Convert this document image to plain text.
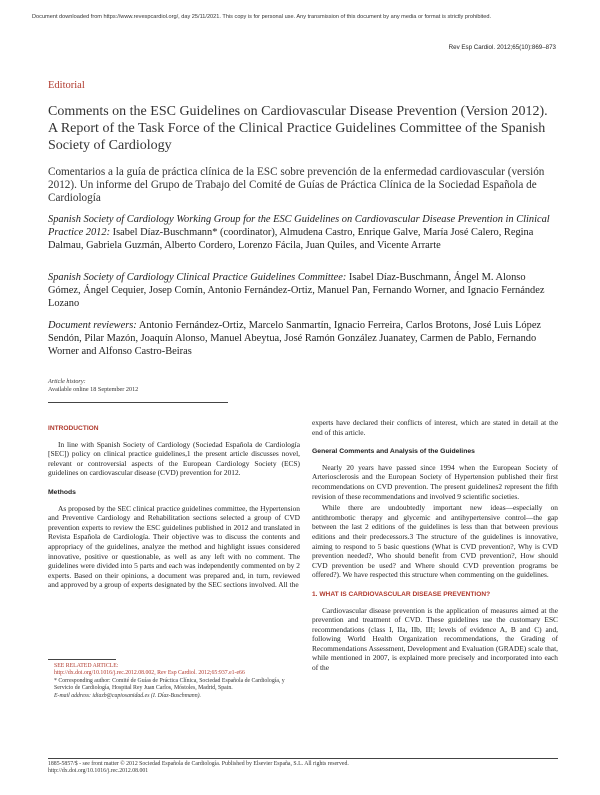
Document downloaded from https://www.revespcardiol.org/, day 25/11/2021. This copy is for personal use. Any transmission of this document by any media or format is strictly prohibited.
Rev Esp Cardiol. 2012;65(10):869–873
Editorial
Comments on the ESC Guidelines on Cardiovascular Disease Prevention (Version 2012). A Report of the Task Force of the Clinical Practice Guidelines Committee of the Spanish Society of Cardiology
Comentarios a la guía de práctica clínica de la ESC sobre prevención de la enfermedad cardiovascular (versión 2012). Un informe del Grupo de Trabajo del Comité de Guías de Práctica Clínica de la Sociedad Española de Cardiología
Spanish Society of Cardiology Working Group for the ESC Guidelines on Cardiovascular Disease Prevention in Clinical Practice 2012: Isabel Díaz-Buschmann* (coordinator), Almudena Castro, Enrique Galve, María José Calero, Regina Dalmau, Gabriela Guzmán, Alberto Cordero, Lorenzo Fácila, Juan Quiles, and Vicente Arrarte
Spanish Society of Cardiology Clinical Practice Guidelines Committee: Isabel Díaz-Buschmann, Ángel M. Alonso Gómez, Ángel Cequier, Josep Comín, Antonio Fernández-Ortiz, Manuel Pan, Fernando Worner, and Ignacio Fernández Lozano
Document reviewers: Antonio Fernández-Ortiz, Marcelo Sanmartín, Ignacio Ferreira, Carlos Brotons, José Luis López Sendón, Pilar Mazón, Joaquín Alonso, Manuel Abeytua, José Ramón González Juanatey, Carmen de Pablo, Fernando Worner and Alfonso Castro-Beiras
Article history:
Available online 18 September 2012
INTRODUCTION

In line with Spanish Society of Cardiology (Sociedad Española de Cardiología [SEC]) policy on clinical practice guidelines,1 the present article discusses novel, relevant or controversial aspects of the European Cardiology Society (ECS) guidelines on cardiovascular disease (CVD) prevention for 2012.

Methods

As proposed by the SEC clinical practice guidelines committee, the Hypertension and Preventive Cardiology and Rehabilitation sections selected a group of CVD prevention experts to review the ESC guidelines published in 2012 and translated in Revista Española de Cardiología. Their objective was to discuss the contents and appropriacy of the guidelines, analyze the method and highlight issues considered innovative, positive or questionable, as well as any left with no comment. The guidelines were divided into 5 parts and each was independently commented on by 2 experts. Based on their opinions, a document was prepared and, in turn, reviewed and approved by a group of experts designated by the SEC sections involved. All the

SEE RELATED ARTICLE:
http://dx.doi.org/10.1016/j.rec.2012.08.002, Rev Esp Cardiol. 2012;65:937.e1-e66
* Corresponding author: Comité de Guías de Práctica Clínica, Sociedad Española de Cardiología, y Servicio de Cardiología, Hospital Rey Juan Carlos, Móstoles, Madrid, Spain.
E-mail address: idiazb@capiosanidad.es (I. Díaz-Buschmann).

experts have declared their conflicts of interest, which are stated in detail at the end of this article.

General Comments and Analysis of the Guidelines

Nearly 20 years have passed since 1994 when the European Society of Arteriosclerosis and the European Society of Hypertension published their first recommendations on CVD prevention. The present guidelines2 represent the fifth revision of these recommendations and involved 9 scientific societies.

While there are undoubtedly important new ideas—especially on antithrombotic therapy and glycemic and antihypertensive control—the gap between the last 2 editions of the guidelines is less than that between previous editions and their predecessors.3 The structure of the guidelines is innovative, aiming to respond to 5 basic questions (What is CVD prevention?, Why is CVD prevention needed?, Who should benefit from CVD prevention?, How should CVD prevention be used? and Where should CVD prevention programs be offered?). We have respected this structure when commenting on the guidelines.

1. WHAT IS CARDIOVASCULAR DISEASE PREVENTION?

Cardiovascular disease prevention is the application of measures aimed at the prevention and treatment of CVD. These guidelines use the customary ESC recommendations (class I, IIa, IIb, III; levels of evidence A, B and C) and, following World Health Organization recommendations, the Grading of Recommendations Assessment, Development and Evaluation (GRADE) scale that, while mentioned in 2007, is explained more precisely and incorporated into each of the

1885-5857/$ - see front matter © 2012 Sociedad Española de Cardiología. Published by Elsevier España, S.L. All rights reserved.
http://dx.doi.org/10.1016/j.rec.2012.08.001
